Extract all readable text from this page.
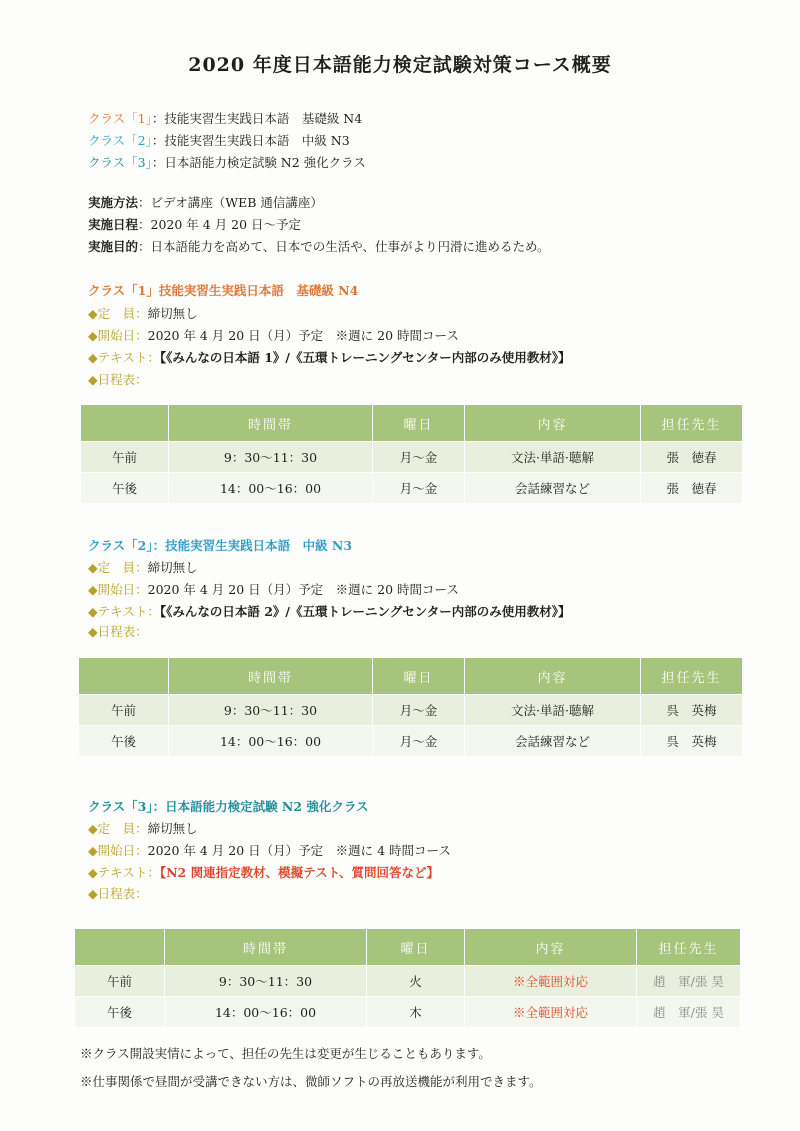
2020 年度日本語能力検定試験対策コース概要
クラス「1」：技能実習生実践日本語　基礎級 N4
クラス「2」：技能実習生実践日本語　中級 N3
クラス「3」：日本語能力検定試験 N2 強化クラス
実施方法：ビデオ講座（WEB 通信講座）
実施日程：2020 年 4 月 20 日～予定
実施目的：日本語能力を高めて、日本での生活や、仕事がより円滑に進めるため。
クラス「1」技能実習生実践日本語　基礎級 N4
◆定　員：締切無し
◆開始日：2020 年 4 月 20 日（月）予定　※週に 20 時間コース
◆テキスト：【《みんなの日本語 1》/《五環トレーニングセンター内部のみ使用教材》】
◆日程表：
	時間帯	曜日	内容	担任先生
午前	9：30～11：30	月～金	文法·単語·聴解	張　徳春
午後	14：00～16：00	月～金	会話練習など	張　徳春
クラス「2」：技能実習生実践日本語　中級 N3
◆定　員：締切無し
◆開始日：2020 年 4 月 20 日（月）予定　※週に 20 時間コース
◆テキスト：【《みんなの日本語 2》/《五環トレーニングセンター内部のみ使用教材》】
◆日程表：
	時間帯	曜日	内容	担任先生
午前	9：30～11：30	月～金	文法·単語·聴解	呉　英梅
午後	14：00～16：00	月～金	会話練習など	呉　英梅
クラス「3」：日本語能力検定試験 N2 強化クラス
◆定　員：締切無し
◆開始日：2020 年 4 月 20 日（月）予定　※週に 4 時間コース
◆テキスト：【N2 関連指定教材、模擬テスト、質問回答など】
◆日程表：
	時間帯	曜日	内容	担任先生
午前	9：30～11：30	火	※全範囲対応	趙　軍/張 昊
午後	14：00～16：00	木	※全範囲対応	趙　軍/張 昊
※クラス開設実情によって、担任の先生は変更が生じることもあります。
※仕事関係で昼間が受講できない方は、微師ソフトの再放送機能が利用できます。
